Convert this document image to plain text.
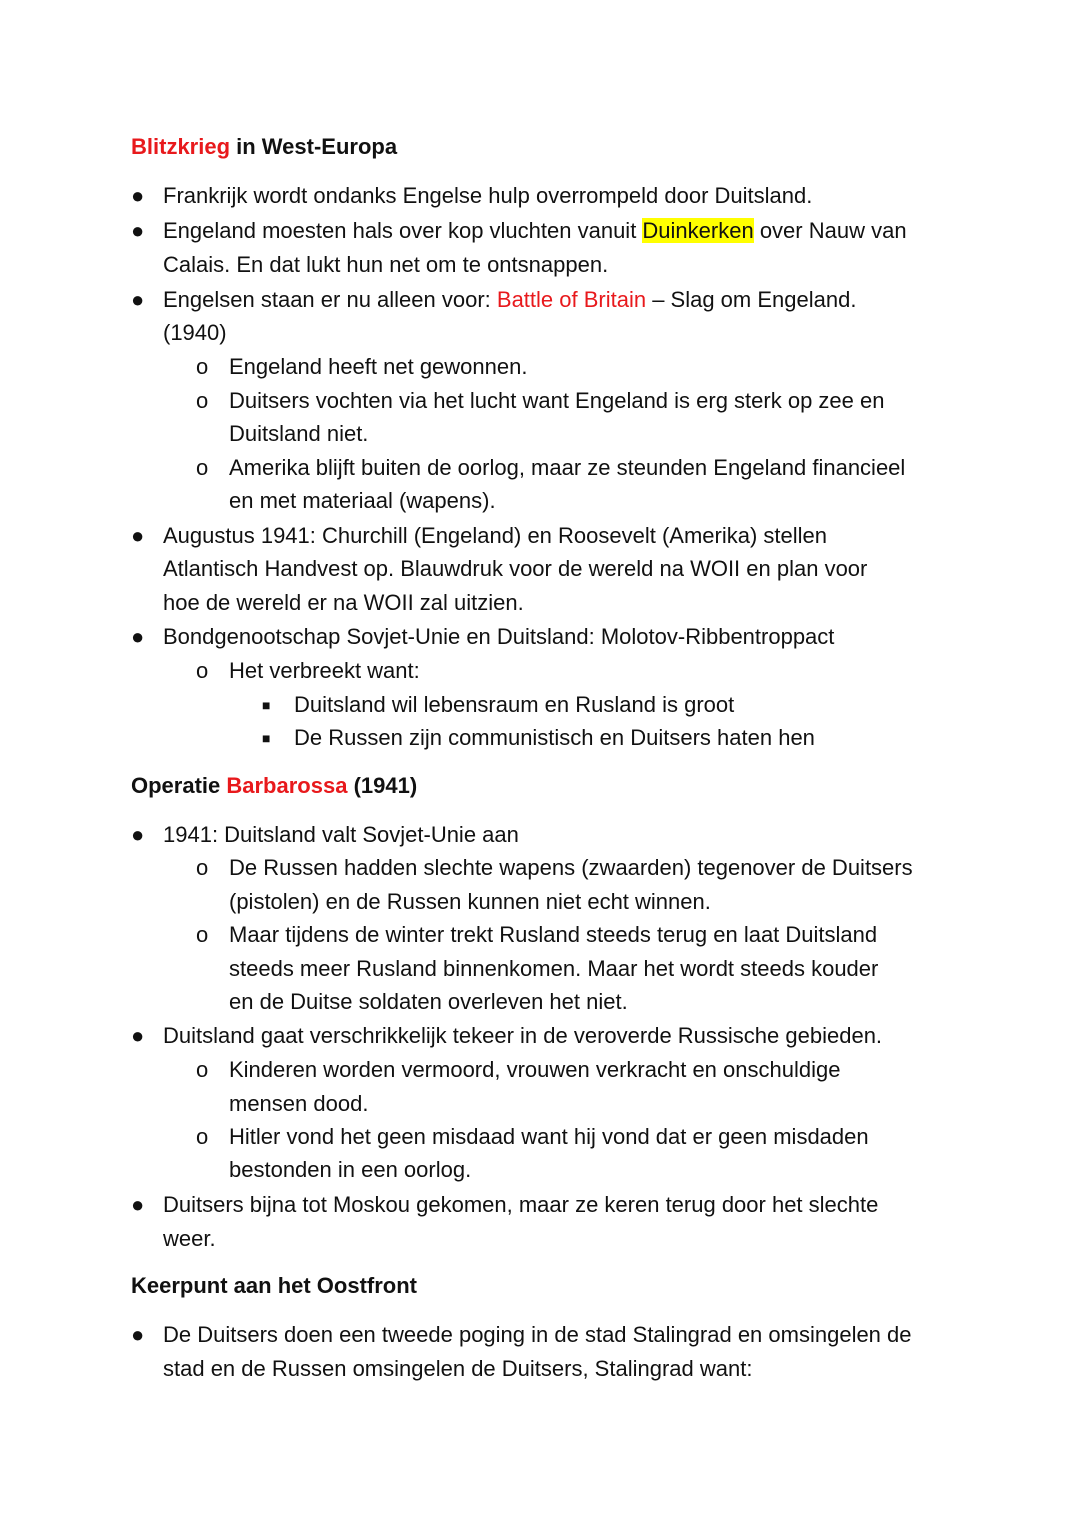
Blitzkrieg in West-Europa
● Frankrijk wordt ondanks Engelse hulp overrompeld door Duitsland.
● Engeland moesten hals over kop vluchten vanuit Duinkerken over Nauw van
Calais. En dat lukt hun net om te ontsnappen.
● Engelsen staan er nu alleen voor: Battle of Britain – Slag om Engeland.
(1940)
o Engeland heeft net gewonnen.
o Duitsers vochten via het lucht want Engeland is erg sterk op zee en
Duitsland niet.
o Amerika blijft buiten de oorlog, maar ze steunden Engeland financieel
en met materiaal (wapens).
● Augustus 1941: Churchill (Engeland) en Roosevelt (Amerika) stellen
Atlantisch Handvest op. Blauwdruk voor de wereld na WOII en plan voor
hoe de wereld er na WOII zal uitzien.
● Bondgenootschap Sovjet-Unie en Duitsland: Molotov-Ribbentroppact
o Het verbreekt want:
■ Duitsland wil lebensraum en Rusland is groot
■ De Russen zijn communistisch en Duitsers haten hen
Operatie Barbarossa (1941)
● 1941: Duitsland valt Sovjet-Unie aan
o De Russen hadden slechte wapens (zwaarden) tegenover de Duitsers
(pistolen) en de Russen kunnen niet echt winnen.
o Maar tijdens de winter trekt Rusland steeds terug en laat Duitsland
steeds meer Rusland binnenkomen. Maar het wordt steeds kouder
en de Duitse soldaten overleven het niet.
● Duitsland gaat verschrikkelijk tekeer in de veroverde Russische gebieden.
o Kinderen worden vermoord, vrouwen verkracht en onschuldige
mensen dood.
o Hitler vond het geen misdaad want hij vond dat er geen misdaden
bestonden in een oorlog.
● Duitsers bijna tot Moskou gekomen, maar ze keren terug door het slechte
weer.
Keerpunt aan het Oostfront
● De Duitsers doen een tweede poging in de stad Stalingrad en omsingelen de
stad en de Russen omsingelen de Duitsers, Stalingrad want:
